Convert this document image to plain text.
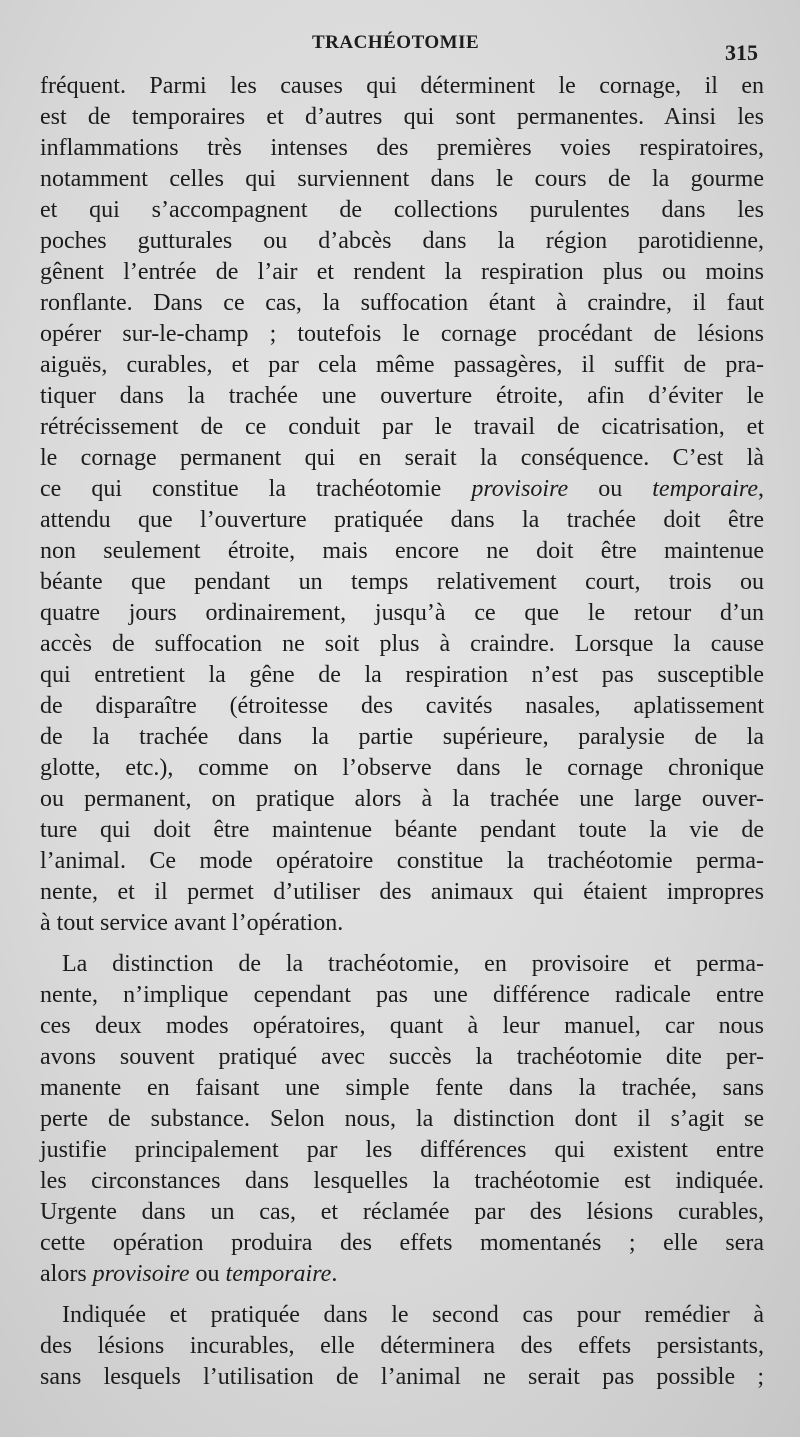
TRACHÉOTOMIE	315
fréquent. Parmi les causes qui déterminent le cornage, il en
est de temporaires et d’autres qui sont permanentes. Ainsi les
inflammations très intenses des premières voies respiratoires,
notamment celles qui surviennent dans le cours de la gourme
et qui s’accompagnent de collections purulentes dans les
poches gutturales ou d’abcès dans la région parotidienne,
gênent l’entrée de l’air et rendent la respiration plus ou moins
ronflante. Dans ce cas, la suffocation étant à craindre, il faut
opérer sur-le-champ ; toutefois le cornage procédant de lésions
aiguës, curables, et par cela même passagères, il suffit de pra-
tiquer dans la trachée une ouverture étroite, afin d’éviter le
rétrécissement de ce conduit par le travail de cicatrisation, et
le cornage permanent qui en serait la conséquence. C’est là
ce qui constitue la trachéotomie provisoire ou temporaire,
attendu que l’ouverture pratiquée dans la trachée doit être
non seulement étroite, mais encore ne doit être maintenue
béante que pendant un temps relativement court, trois ou
quatre jours ordinairement, jusqu’à ce que le retour d’un
accès de suffocation ne soit plus à craindre. Lorsque la cause
qui entretient la gêne de la respiration n’est pas susceptible
de disparaître (étroitesse des cavités nasales, aplatissement
de la trachée dans la partie supérieure, paralysie de la
glotte, etc.), comme on l’observe dans le cornage chronique
ou permanent, on pratique alors à la trachée une large ouver-
ture qui doit être maintenue béante pendant toute la vie de
l’animal. Ce mode opératoire constitue la trachéotomie perma-
nente, et il permet d’utiliser des animaux qui étaient impropres
à tout service avant l’opération.
La distinction de la trachéotomie, en provisoire et perma-
nente, n’implique cependant pas une différence radicale entre
ces deux modes opératoires, quant à leur manuel, car nous
avons souvent pratiqué avec succès la trachéotomie dite per-
manente en faisant une simple fente dans la trachée, sans
perte de substance. Selon nous, la distinction dont il s’agit se
justifie principalement par les différences qui existent entre
les circonstances dans lesquelles la trachéotomie est indiquée.
Urgente dans un cas, et réclamée par des lésions curables,
cette opération produira des effets momentanés ; elle sera
alors provisoire ou temporaire.
Indiquée et pratiquée dans le second cas pour remédier à
des lésions incurables, elle déterminera des effets persistants,
sans lesquels l’utilisation de l’animal ne serait pas possible ;
